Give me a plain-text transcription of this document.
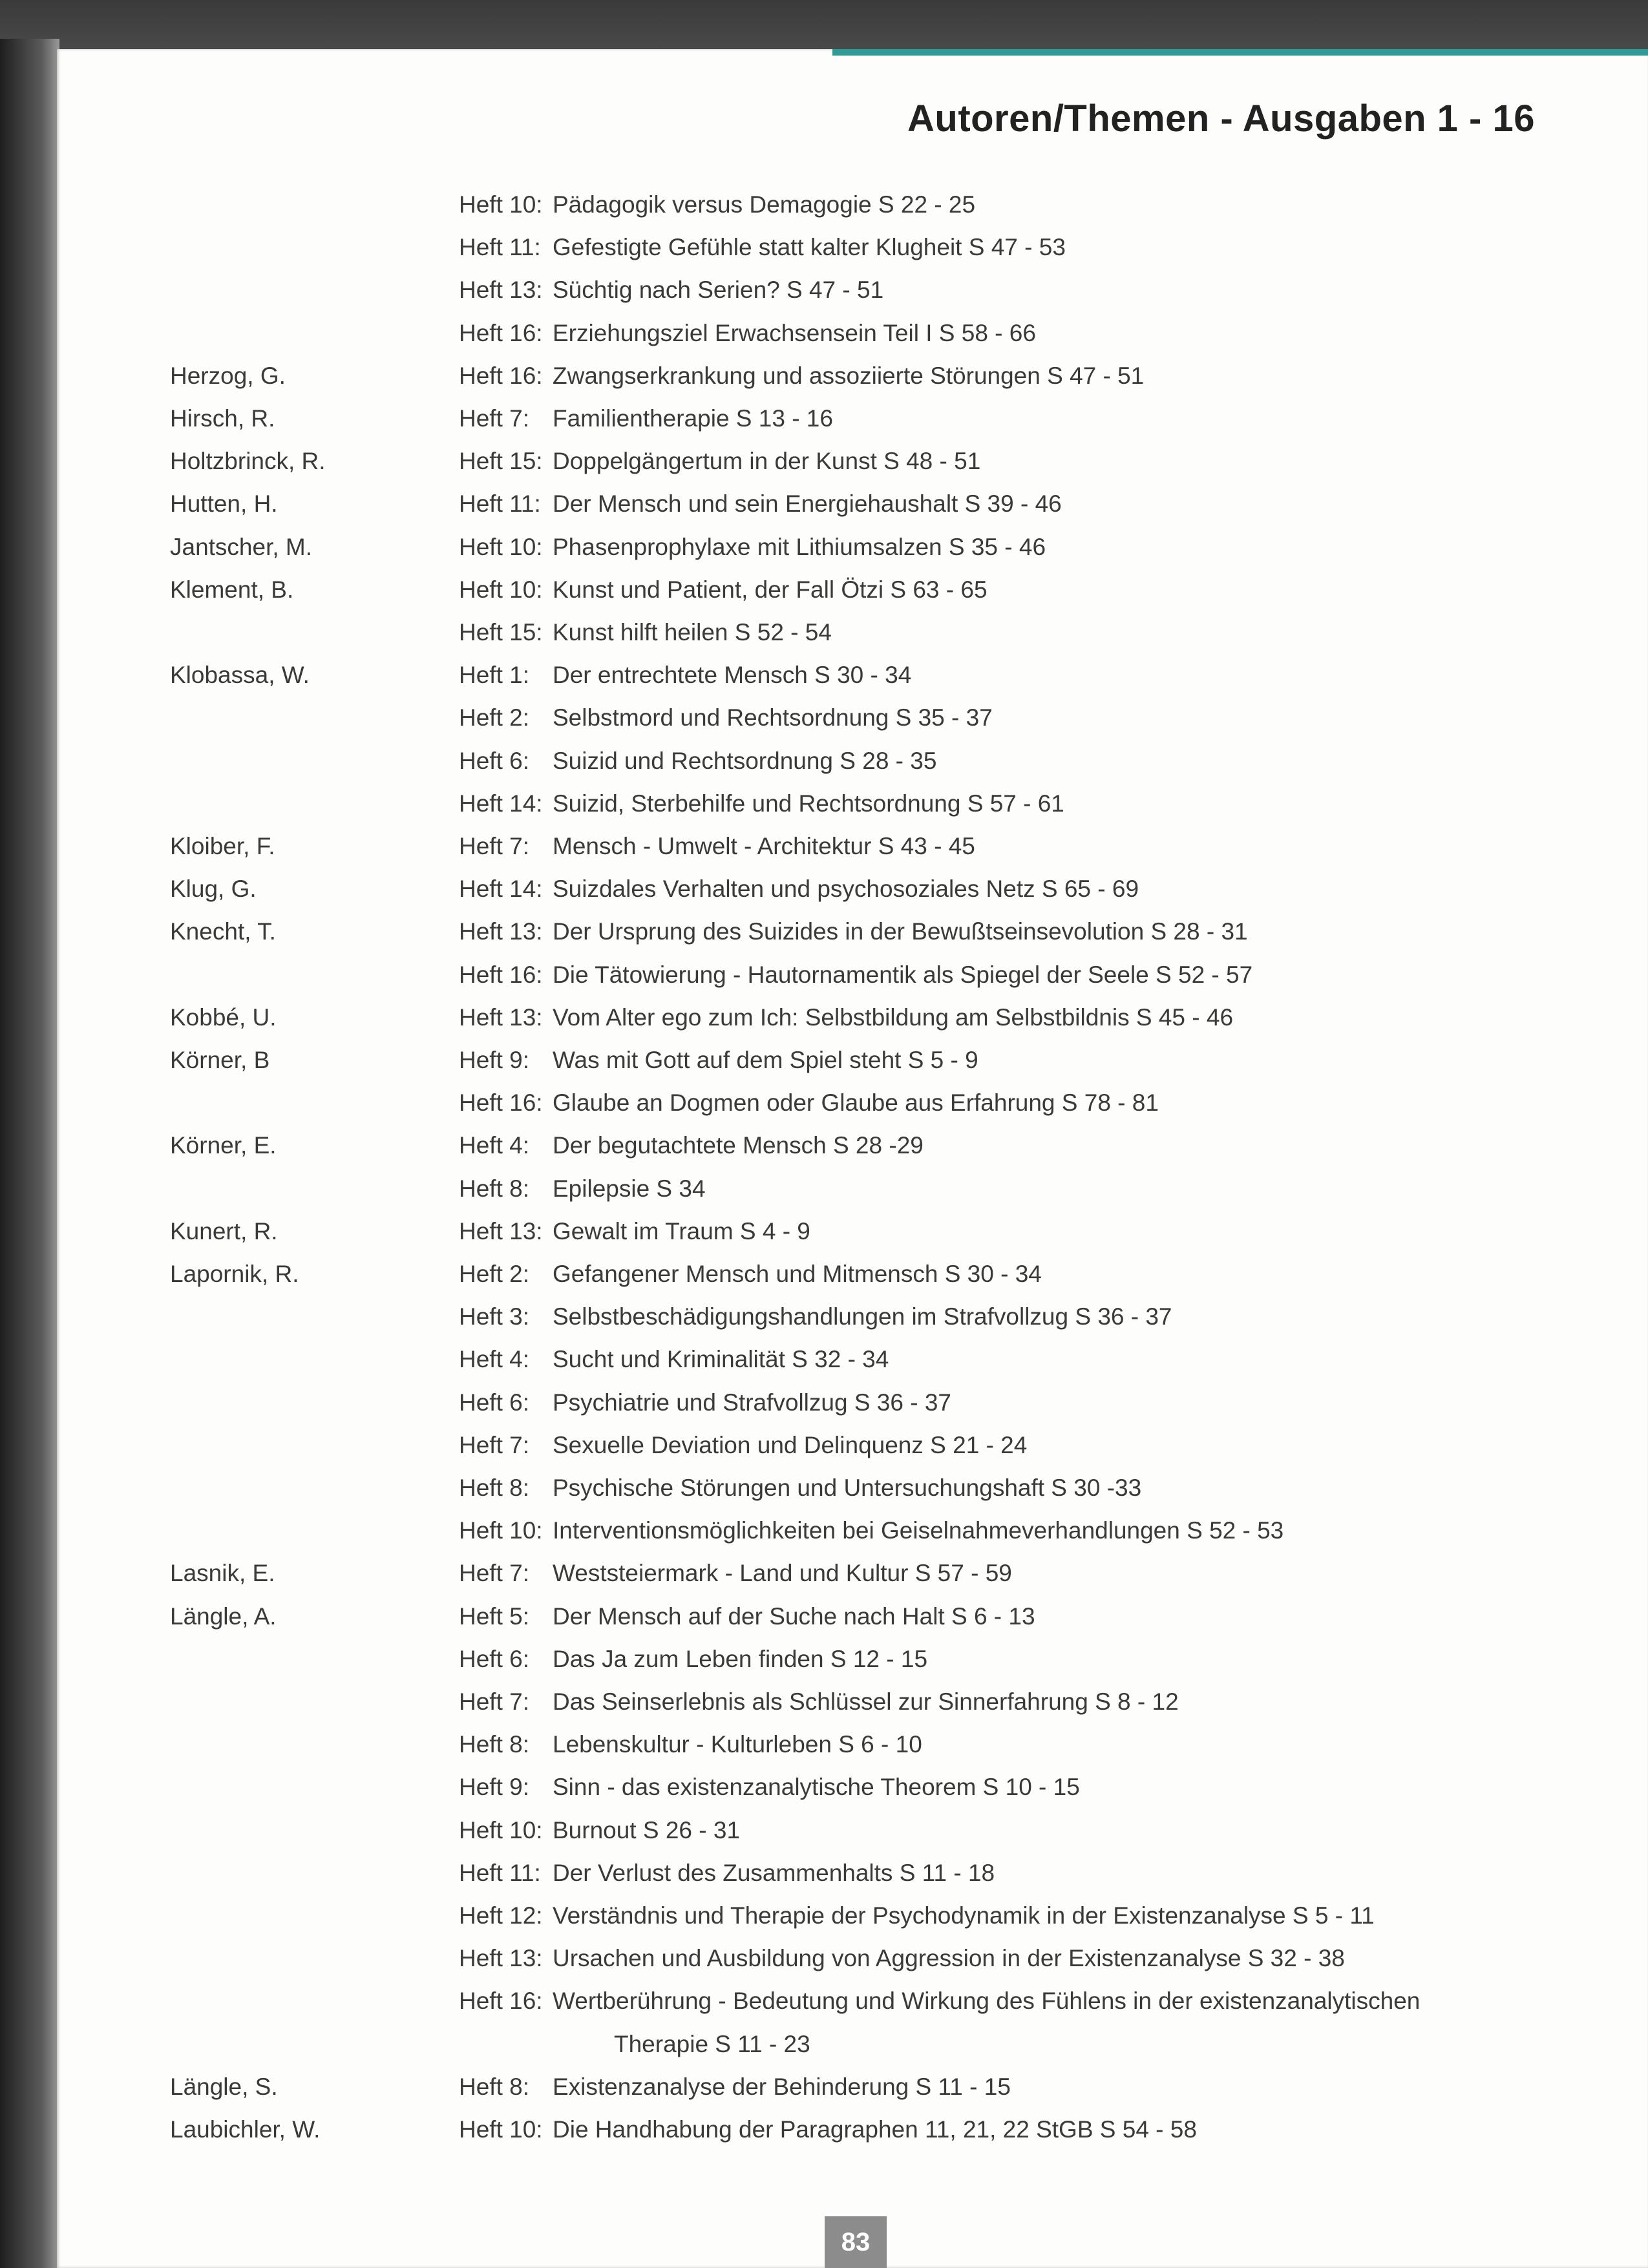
Autoren/Themen - Ausgaben 1 - 16
Heft 10: Pädagogik versus Demagogie S 22 - 25
Heft 11: Gefestigte Gefühle statt kalter Klugheit S 47 - 53
Heft 13: Süchtig nach Serien? S 47 - 51
Heft 16: Erziehungsziel Erwachsensein Teil I S 58 - 66
Herzog, G.	Heft 16: Zwangserkrankung und assoziierte Störungen S 47 - 51
Hirsch, R.	Heft 7: Familientherapie S 13 - 16
Holtzbrinck, R.	Heft 15: Doppelgängertum in der Kunst S 48 - 51
Hutten, H.	Heft 11: Der Mensch und sein Energiehaushalt S 39 - 46
Jantscher, M.	Heft 10: Phasenprophylaxe mit Lithiumsalzen S 35 - 46
Klement, B.	Heft 10: Kunst und Patient, der Fall Ötzi S 63 - 65
Heft 15: Kunst hilft heilen S 52 - 54
Klobassa, W.	Heft 1: Der entrechtete Mensch S 30 - 34
Heft 2: Selbstmord und Rechtsordnung S 35 - 37
Heft 6: Suizid und Rechtsordnung S 28 - 35
Heft 14: Suizid, Sterbehilfe und Rechtsordnung S 57 - 61
Kloiber, F.	Heft 7: Mensch - Umwelt - Architektur S 43 - 45
Klug, G.	Heft 14: Suizdales Verhalten und psychosoziales Netz S 65 - 69
Knecht, T.	Heft 13: Der Ursprung des Suizides in der Bewußtseinsevolution S 28 - 31
Heft 16: Die Tätowierung - Hautornamentik als Spiegel der Seele S 52 - 57
Kobbé, U.	Heft 13: Vom Alter ego zum Ich: Selbstbildung am Selbstbildnis S 45 - 46
Körner, B	Heft 9: Was mit Gott auf dem Spiel steht S 5 - 9
Heft 16: Glaube an Dogmen oder Glaube aus Erfahrung S 78 - 81
Körner, E.	Heft 4: Der begutachtete Mensch S 28 -29
Heft 8: Epilepsie S 34
Kunert, R.	Heft 13: Gewalt im Traum S 4 - 9
Lapornik, R.	Heft 2: Gefangener Mensch und Mitmensch S 30 - 34
Heft 3: Selbstbeschädigungshandlungen im Strafvollzug S 36 - 37
Heft 4: Sucht und Kriminalität S 32 - 34
Heft 6: Psychiatrie und Strafvollzug S 36 - 37
Heft 7: Sexuelle Deviation und Delinquenz S 21 - 24
Heft 8: Psychische Störungen und Untersuchungshaft S 30 -33
Heft 10: Interventionsmöglichkeiten bei Geiselnahmeverhandlungen S 52 - 53
Lasnik, E.	Heft 7: Weststeiermark - Land und Kultur S 57 - 59
Längle, A.	Heft 5: Der Mensch auf der Suche nach Halt S 6 - 13
Heft 6: Das Ja zum Leben finden S 12 - 15
Heft 7: Das Seinserlebnis als Schlüssel zur Sinnerfahrung S 8 - 12
Heft 8: Lebenskultur - Kulturleben S 6 - 10
Heft 9: Sinn - das existenzanalytische Theorem S 10 - 15
Heft 10: Burnout S 26 - 31
Heft 11: Der Verlust des Zusammenhalts S 11 - 18
Heft 12: Verständnis und Therapie der Psychodynamik in der Existenzanalyse S 5 - 11
Heft 13: Ursachen und Ausbildung von Aggression in der Existenzanalyse S 32 - 38
Heft 16: Wertberührung - Bedeutung und Wirkung des Fühlens in der existenzanalytischen
Therapie S 11 - 23
Längle, S.	Heft 8: Existenzanalyse der Behinderung S 11 - 15
Laubichler, W.	Heft 10: Die Handhabung der Paragraphen 11, 21, 22 StGB S 54 - 58
83
